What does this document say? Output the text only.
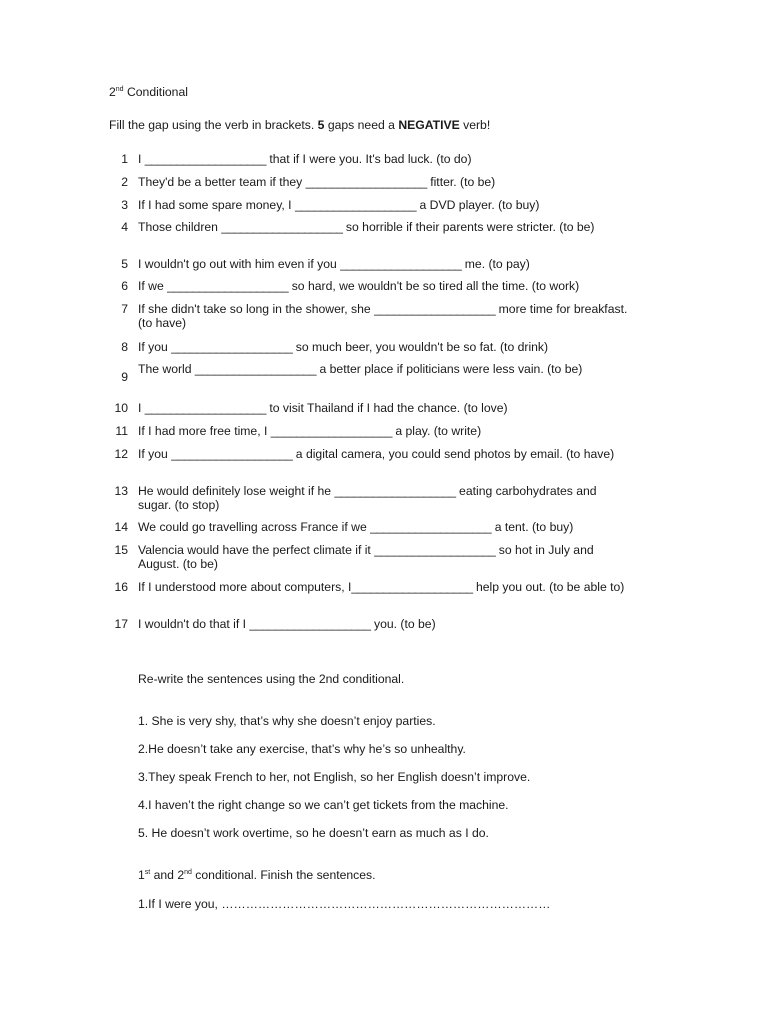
2nd Conditional
Fill the gap using the verb in brackets. 5 gaps need a NEGATIVE verb!
1 I ___________________ that if I were you. It's bad luck. (to do)
2 They'd be a better team if they ___________________ fitter. (to be)
3 If I had some spare money, I ___________________ a DVD player. (to buy)
4 Those children ___________________ so horrible if their parents were stricter. (to be)
5 I wouldn't go out with him even if you ___________________ me. (to pay)
6 If we ___________________ so hard, we wouldn't be so tired all the time. (to work)
7 If she didn't take so long in the shower, she ___________________ more time for breakfast. (to have)
8 If you ___________________ so much beer, you wouldn't be so fat. (to drink)
9
The world ___________________ a better place if politicians were less vain. (to be)
10 I ___________________ to visit Thailand if I had the chance. (to love)
11 If I had more free time, I ___________________ a play. (to write)
12 If you ___________________ a digital camera, you could send photos by email. (to have)
13 He would definitely lose weight if he ___________________ eating carbohydrates and sugar. (to stop)
14 We could go travelling across France if we ___________________ a tent. (to buy)
15 Valencia would have the perfect climate if it ___________________ so hot in July and August. (to be)
16 If I understood more about computers, I___________________ help you out. (to be able to)
17 I wouldn't do that if I ___________________ you. (to be)
Re-write the sentences using the 2nd conditional.
1. She is very shy, that’s why she doesn’t enjoy parties.
2.He doesn’t take any exercise, that’s why he’s so unhealthy.
3.They speak French to her, not English, so her English doesn’t improve.
4.I haven’t the right change so we can’t get tickets from the machine.
5. He doesn’t work overtime, so he doesn’t earn as much as I do.
1st and 2nd conditional. Finish the sentences.
1.If I were you, ………………………………………………………………………
